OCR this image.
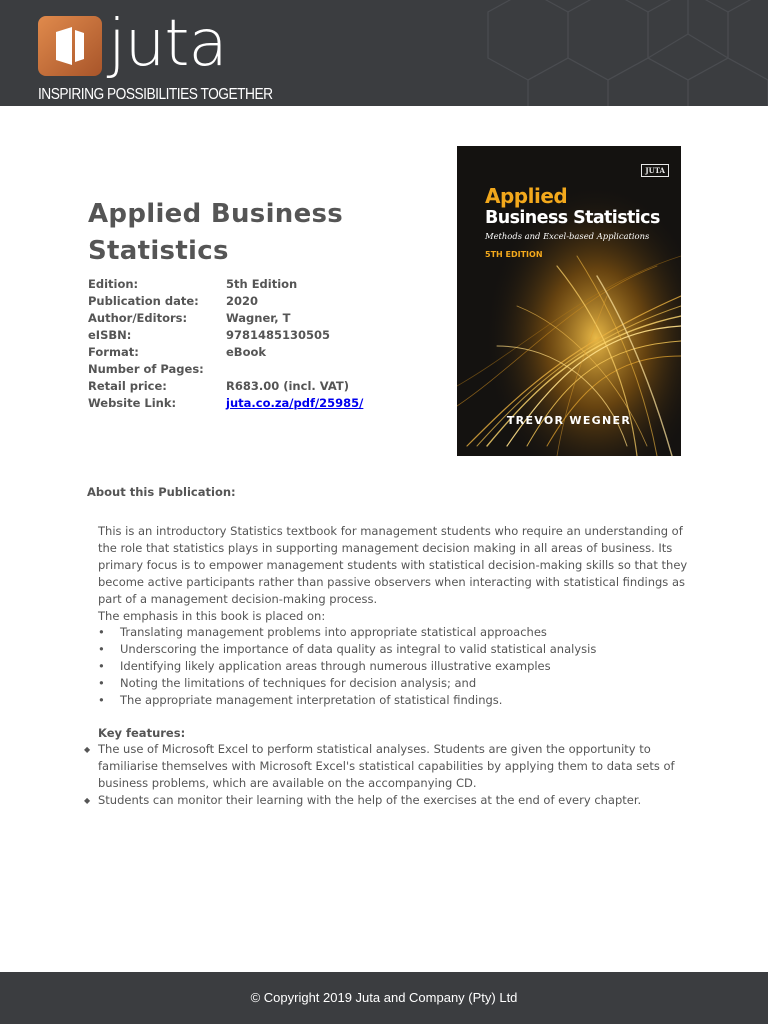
juta
INSPIRING POSSIBILITIES TOGETHER
Applied Business Statistics
Edition:	5th Edition
Publication date:	2020
Author/Editors:	Wagner, T
eISBN:	9781485130505
Format:	eBook
Number of Pages:
Retail price:	R683.00 (incl. VAT)
Website Link:	juta.co.za/pdf/25985/
JUTA
Applied
Business Statistics
Methods and Excel-based Applications
5TH EDITION
TREVOR WEGNER
About this Publication:

This is an introductory Statistics textbook for management students who require an understanding of the role that statistics plays in supporting management decision making in all areas of business. Its primary focus is to empower management students with statistical decision-making skills so that they become active participants rather than passive observers when interacting with statistical findings as part of a management decision-making process.

The emphasis in this book is placed on:

•	Translating management problems into appropriate statistical approaches
•	Underscoring the importance of data quality as integral to valid statistical analysis
•	Identifying likely application areas through numerous illustrative examples
•	Noting the limitations of techniques for decision analysis; and
•	The appropriate management interpretation of statistical findings.
Key features:
◆ The use of Microsoft Excel to perform statistical analyses. Students are given the opportunity to familiarise themselves with Microsoft Excel's statistical capabilities by applying them to data sets of business problems, which are available on the accompanying CD.
◆ Students can monitor their learning with the help of the exercises at the end of every chapter.
© Copyright 2019 Juta and Company (Pty) Ltd
